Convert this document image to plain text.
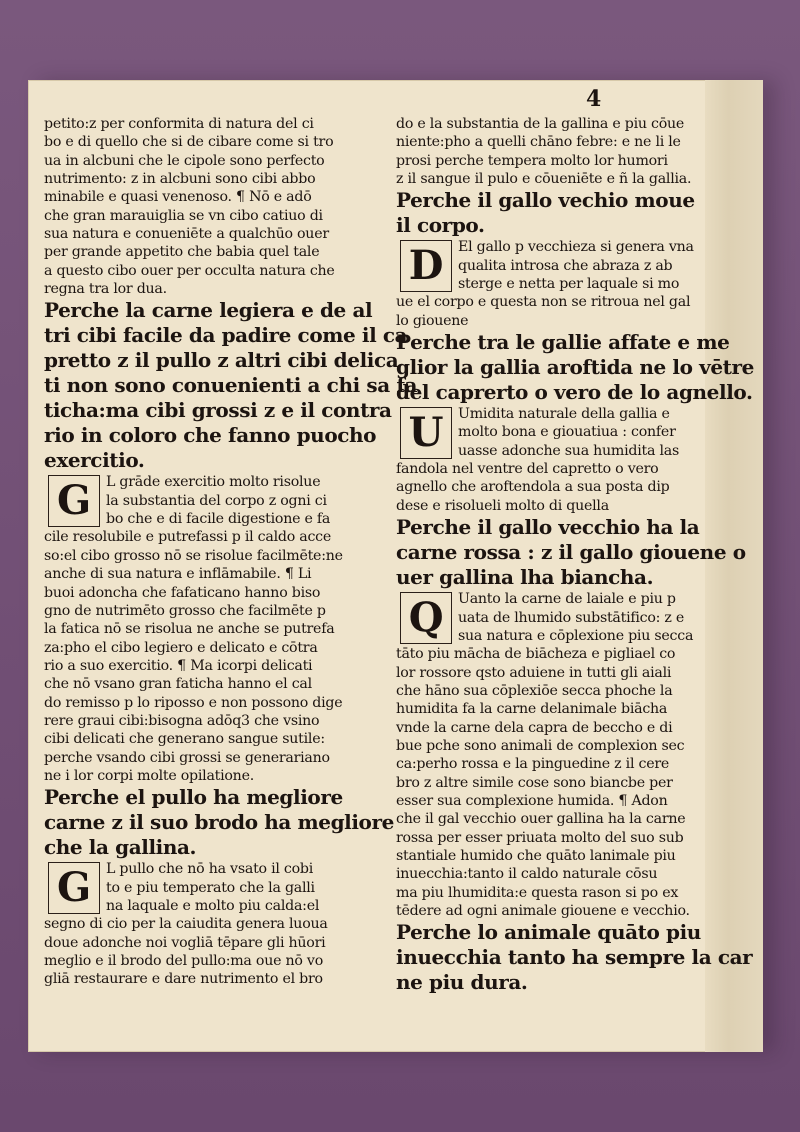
4
petito:z per conformita di natura del ci
bo e di quello che si de cibare come si tro
ua in alcbuni che le cipole sono perfecto
nutrimento: z in alcbuni sono cibi abbo
minabile e quasi venenoso. ¶ Nō e adō
che gran marauiglia se vn cibo catiuo di
sua natura e conueniēte a qualchūo ouer
per grande appetito che babia quel tale
a questo cibo ouer per occulta natura che
regna tra lor dua.
Perche la carne legiera e de al
tri cibi facile da padire come il ca
pretto z il pullo z altri cibi delica
ti non sono conuenienti a chi sa fa
ticha:ma cibi grossi z e il contra
rio in coloro che fanno puocho
exercitio.
G	L grāde exercitio molto risolue
la substantia del corpo z ogni ci
bo che e di facile digestione e fa
cile resolubile e putrefassi p il caldo acce
so:el cibo grosso nō se risolue facilmēte:ne
anche di sua natura e inflāmabile. ¶ Li
buoi adoncha che fafaticano hanno biso
gno de nutrimēto grosso che facilmēte p
la fatica nō se risolua ne anche se putrefa
za:pho el cibo legiero e delicato e cōtra
rio a suo exercitio. ¶ Ma icorpi delicati
che nō vsano gran faticha hanno el cal
do remisso p lo riposso e non possono dige
rere graui cibi:bisogna adōq3 che vsino
cibi delicati che generano sangue sutile:
perche vsando cibi grossi se generariano
ne i lor corpi molte opilatione.
Perche el pullo ha megliore
carne z il suo brodo ha megliore
che la gallina.
G	L pullo che nō ha vsato il cobi
to e piu temperato che la galli
na laquale e molto piu calda:el
segno di cio per la caiudita genera luoua
doue adonche noi vogliā tēpare gli hūori
meglio e il brodo del pullo:ma oue nō vo
gliā restaurare e dare nutrimento el bro
do e la substantia de la gallina e piu cōue
niente:pho a quelli chāno febre: e ne li le
prosi perche tempera molto lor humori
z il sangue il pulo e cōueniēte e ñ la gallia.
Perche il gallo vechio moue
il corpo.
D	El gallo p vecchieza si genera vna
qualita introsa che abraza z ab
sterge e netta per laquale si mo
ue el corpo e questa non se ritroua nel gal
lo giouene
Perche tra le gallie affate e me
glior la gallia aroftida ne lo vētre
del caprerto o vero de lo agnello.
U	Umidita naturale della gallia e
molto bona e giouatiua : confer
uasse adonche sua humidita las
fandola nel ventre del capretto o vero
agnello che aroftendola a sua posta dip
dese e risolueli molto di quella
Perche il gallo vecchio ha la
carne rossa : z il gallo giouene o
uer gallina lha biancha.
Q	Uanto la carne de laiale e piu p
uata de lhumido substātifico: z e
sua natura e cōplexione piu secca
tāto piu māchа de biācheza e pigliael co
lor rossore qsto aduiene in tutti gli aiali
che hāno sua cōplexiōe secca phoche la
humidita fa la carne delanimale biācha
vnde la carne dela capra de becchо e di
bue pche sono animali de complexion sec
ca:perho rossa e la pinguedine z il cere
bro z altre simile cose sono biancbe per
esser sua complexione humida. ¶ Adon
che il gal vecchio ouer gallina ha la carne
rossa per esser priuata molto del suo sub
stantiale humido che quāto lanimale piu
inuecchia:tanto il caldo naturale cōsu
ma piu lhumidita:e questa rason si po ex
tēdere ad ogni animale giouene e vecchio.
Perche lo animale quāto piu
inuecchia tanto ha sempre la car
ne piu dura.
